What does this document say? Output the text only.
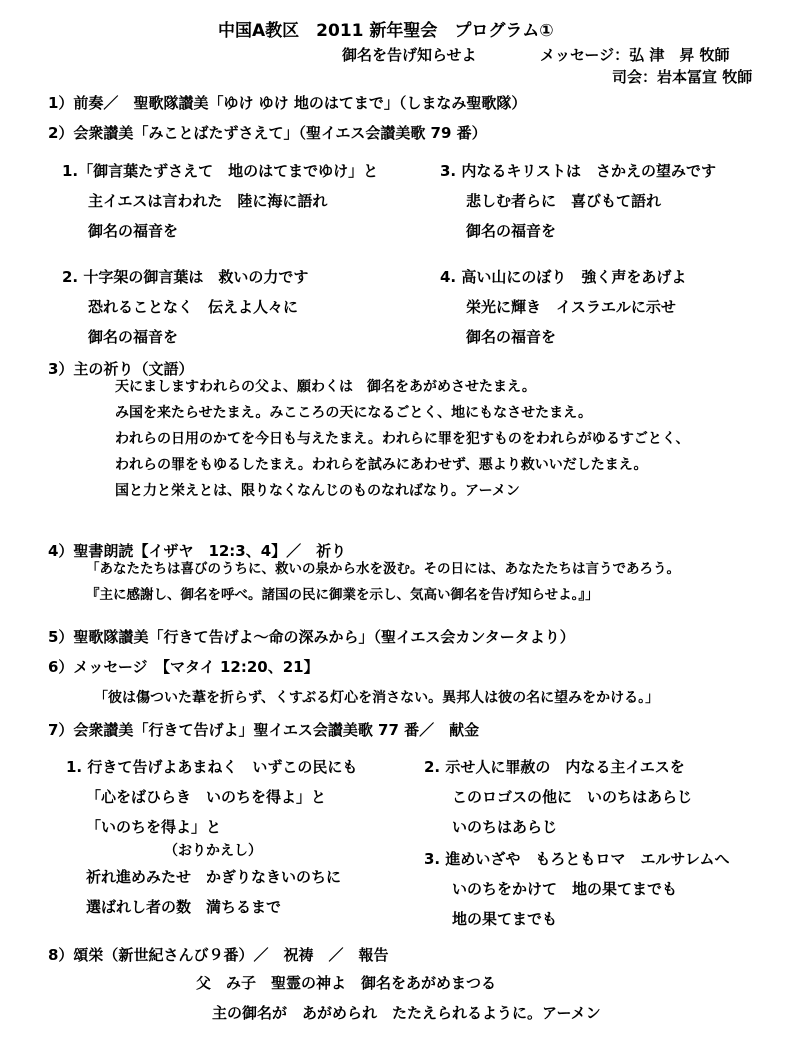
中国A教区　2011 新年聖会　プログラム①
御名を告げ知らせよ	メッセージ：弘 津　昇 牧師
司会：岩本冨宣 牧師
1）前奏／　聖歌隊讃美「ゆけ ゆけ 地のはてまで」（しまなみ聖歌隊）
2）会衆讃美「みことばたずさえて」（聖イエス会讃美歌 79 番）
1.「御言葉たずさえて　地のはてまでゆけ」と
主イエスは言われた　陸に海に語れ
御名の福音を
3. 内なるキリストは　さかえの望みです
悲しむ者らに　喜びもて語れ
御名の福音を
2. 十字架の御言葉は　救いの力です
恐れることなく　伝えよ人々に
御名の福音を
4. 高い山にのぼり　強く声をあげよ
栄光に輝き　イスラエルに示せ
御名の福音を
3）主の祈り（文語）
天にましますわれらの父よ、願わくは　御名をあがめさせたまえ。
み国を来たらせたまえ。みこころの天になるごとく、地にもなさせたまえ。
われらの日用のかてを今日も与えたまえ。われらに罪を犯すものをわれらがゆるすごとく、
われらの罪をもゆるしたまえ。われらを試みにあわせず、悪より救いいだしたまえ。
国と力と栄えとは、限りなくなんじのものなればなり。アーメン
4）聖書朗読【イザヤ　12:3、4】／　祈り
「あなたたちは喜びのうちに、救いの泉から水を汲む。その日には、あなたたちは言うであろう。
『主に感謝し、御名を呼べ。諸国の民に御業を示し、気高い御名を告げ知らせよ。』」
5）聖歌隊讃美「行きて告げよ～命の深みから」（聖イエス会カンタータより）
6）メッセージ　【マタイ 12:20、21】
「彼は傷ついた葦を折らず、くすぶる灯心を消さない。異邦人は彼の名に望みをかける。」
7）会衆讃美「行きて告げよ」聖イエス会讃美歌 77 番／　献金
1. 行きて告げよあまねく　いずこの民にも
「心をばひらき　いのちを得よ」と
「いのちを得よ」と
（おりかえし）
祈れ進めみたせ　かぎりなきいのちに
選ばれし者の数　満ちるまで
2. 示せ人に罪赦の　内なる主イエスを
このロゴスの他に　いのちはあらじ
いのちはあらじ
3. 進めいざや　もろともロマ　エルサレムへ
いのちをかけて　地の果てまでも
地の果てまでも
8）頌栄（新世紀さんび９番）／　祝祷　／　報告
父　み子　聖霊の神よ　御名をあがめまつる
主の御名が　あがめられ　たたえられるように。アーメン
